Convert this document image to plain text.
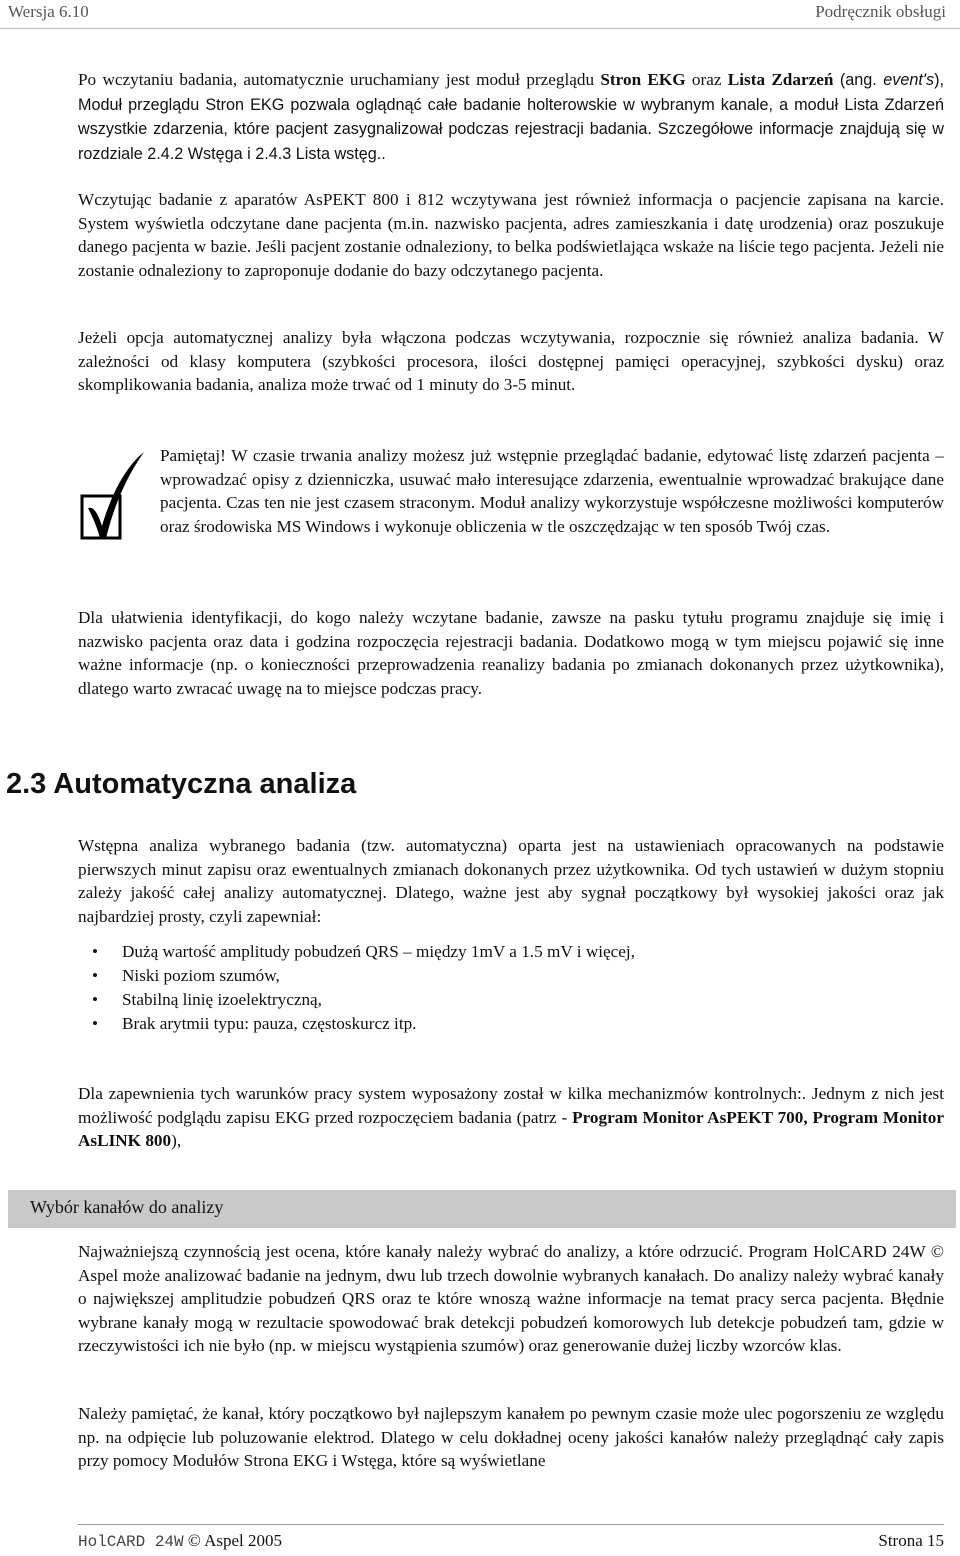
Wersja 6.10	Podręcznik obsługi

Po wczytaniu badania, automatycznie uruchamiany jest moduł przeglądu Stron EKG oraz Lista Zdarzeń (ang. event's), Moduł przeglądu Stron EKG pozwala oglądnąć całe badanie holterowskie w wybranym kanale, a moduł Lista Zdarzeń wszystkie zdarzenia, które pacjent zasygnalizował podczas rejestracji badania. Szczegółowe informacje znajdują się w rozdziale 2.4.2 Wstęga i 2.4.3 Lista wstęg..

Wczytując badanie z aparatów AsPEKT 800 i 812 wczytywana jest również informacja o pacjencie zapisana na karcie. System wyświetla odczytane dane pacjenta (m.in. nazwisko pacjenta, adres zamieszkania i datę urodzenia) oraz poszukuje danego pacjenta w bazie. Jeśli pacjent zostanie odnaleziony, to belka podświetlająca wskaże na liście tego pacjenta. Jeżeli nie zostanie odnaleziony to zaproponuje dodanie do bazy odczytanego pacjenta.

Jeżeli opcja automatycznej analizy była włączona podczas wczytywania, rozpocznie się również analiza badania. W zależności od klasy komputera (szybkości procesora, ilości dostępnej pamięci operacyjnej, szybkości dysku) oraz skomplikowania badania, analiza może trwać od 1 minuty do 3-5 minut.

Pamiętaj! W czasie trwania analizy możesz już wstępnie przeglądać badanie, edytować listę zdarzeń pacjenta – wprowadzać opisy z dzienniczka, usuwać mało interesujące zdarzenia, ewentualnie wprowadzać brakujące dane pacjenta. Czas ten nie jest czasem straconym. Moduł analizy wykorzystuje współczesne możliwości komputerów oraz środowiska MS Windows i wykonuje obliczenia w tle oszczędzając w ten sposób Twój czas.

Dla ułatwienia identyfikacji, do kogo należy wczytane badanie, zawsze na pasku tytułu programu znajduje się imię i nazwisko pacjenta oraz data i godzina rozpoczęcia rejestracji badania. Dodatkowo mogą w tym miejscu pojawić się inne ważne informacje (np. o konieczności przeprowadzenia reanalizy badania po zmianach dokonanych przez użytkownika), dlatego warto zwracać uwagę na to miejsce podczas pracy.

2.3 Automatyczna analiza

Wstępna analiza wybranego badania (tzw. automatyczna) oparta jest na ustawieniach opracowanych na podstawie pierwszych minut zapisu oraz ewentualnych zmianach dokonanych przez użytkownika. Od tych ustawień w dużym stopniu zależy jakość całej analizy automatycznej. Dlatego, ważne jest aby sygnał początkowy był wysokiej jakości oraz jak najbardziej prosty, czyli zapewniał:

• Dużą wartość amplitudy pobudzeń QRS – między 1mV a 1.5 mV i więcej,
• Niski poziom szumów,
• Stabilną linię izoelektryczną,
• Brak arytmii typu: pauza, częstoskurcz itp.

Dla zapewnienia tych warunków pracy system wyposażony został w kilka mechanizmów kontrolnych:. Jednym z nich jest możliwość podglądu zapisu EKG przed rozpoczęciem badania (patrz - Program Monitor AsPEKT 700, Program Monitor AsLINK 800),

Wybór kanałów do analizy

Najważniejszą czynnością jest ocena, które kanały należy wybrać do analizy, a które odrzucić. Program HolCARD 24W © Aspel może analizować badanie na jednym, dwu lub trzech dowolnie wybranych kanałach. Do analizy należy wybrać kanały o największej amplitudzie pobudzeń QRS oraz te które wnoszą ważne informacje na temat pracy serca pacjenta. Błędnie wybrane kanały mogą w rezultacie spowodować brak detekcji pobudzeń komorowych lub detekcje pobudzeń tam, gdzie w rzeczywistości ich nie było (np. w miejscu wystąpienia szumów) oraz generowanie dużej liczby wzorców klas.

Należy pamiętać, że kanał, który początkowo był najlepszym kanałem po pewnym czasie może ulec pogorszeniu ze względu np. na odpięcie lub poluzowanie elektrod. Dlatego w celu dokładnej oceny jakości kanałów należy przeglądnąć cały zapis przy pomocy Modułów Strona EKG i Wstęga, które są wyświetlane

HolCARD 24W © Aspel 2005	Strona 15
